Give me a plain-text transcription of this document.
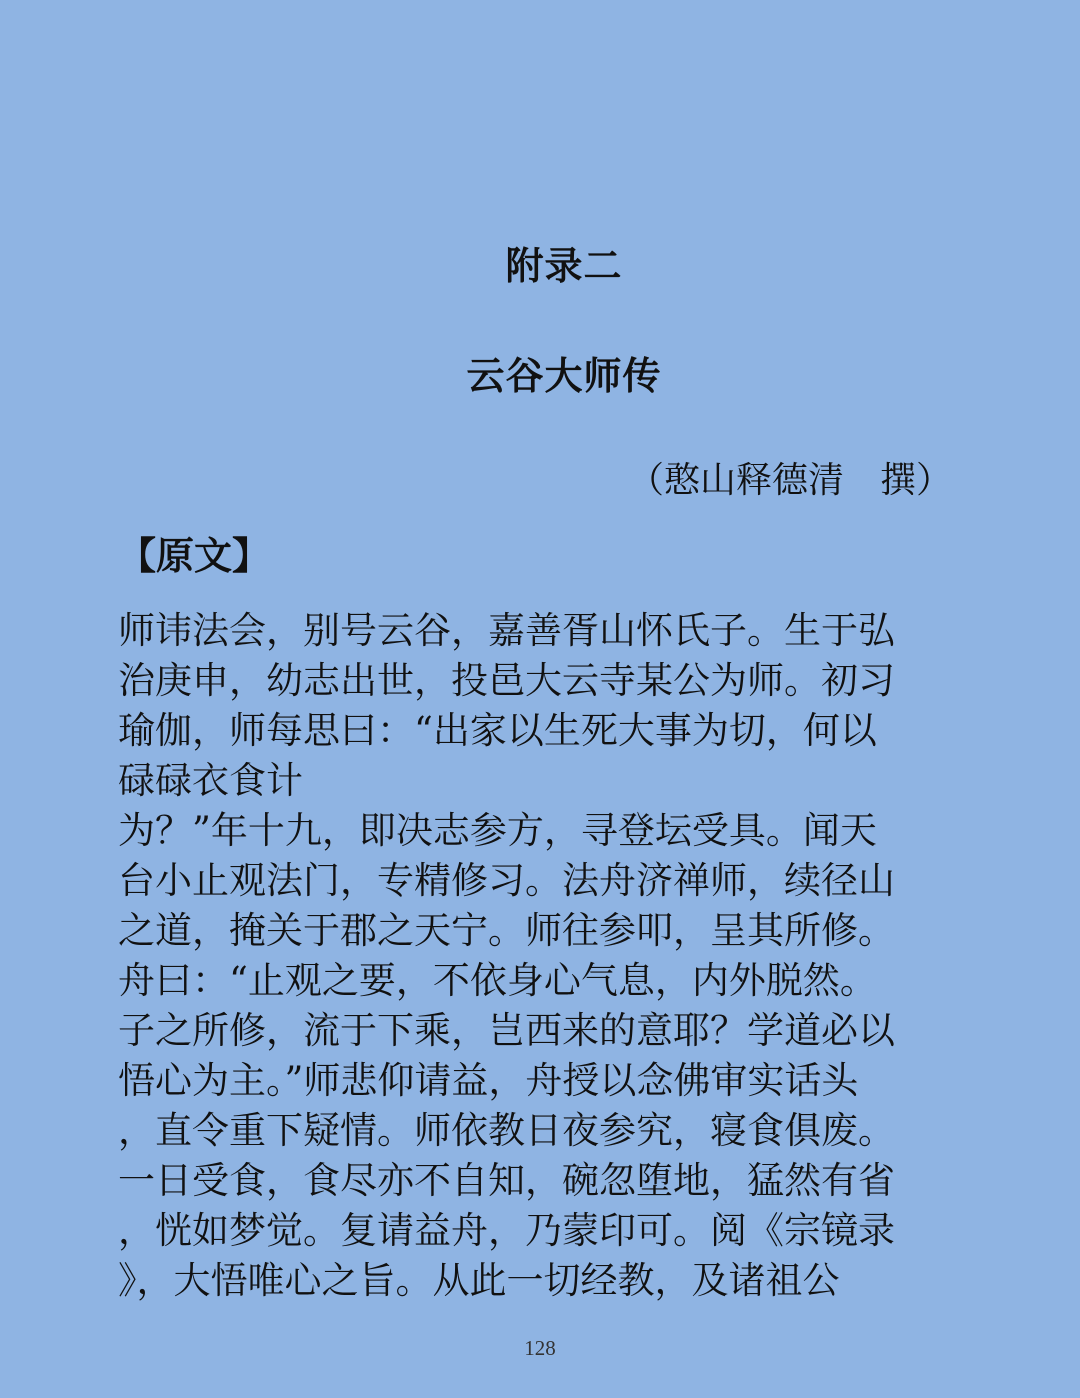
附录二
云谷大师传
（憨山释德清　撰）
【原文】
师讳法会，别号云谷，嘉善胥山怀氏子。生于弘
治庚申，幼志出世，投邑大云寺某公为师。初习
瑜伽，师每思曰：“出家以生死大事为切，何以
碌碌衣食计
为？”年十九，即决志参方，寻登坛受具。闻天
台小止观法门，专精修习。法舟济禅师，续径山
之道，掩关于郡之天宁。师往参叩，呈其所修。
舟曰：“止观之要，不依身心气息，内外脱然。
子之所修，流于下乘，岂西来的意耶？学道必以
悟心为主。”师悲仰请益，舟授以念佛审实话头
，直令重下疑情。师依教日夜参究，寝食俱废。
一日受食，食尽亦不自知，碗忽堕地，猛然有省
，恍如梦觉。复请益舟，乃蒙印可。阅《宗镜录
》，大悟唯心之旨。从此一切经教，及诸祖公
128
